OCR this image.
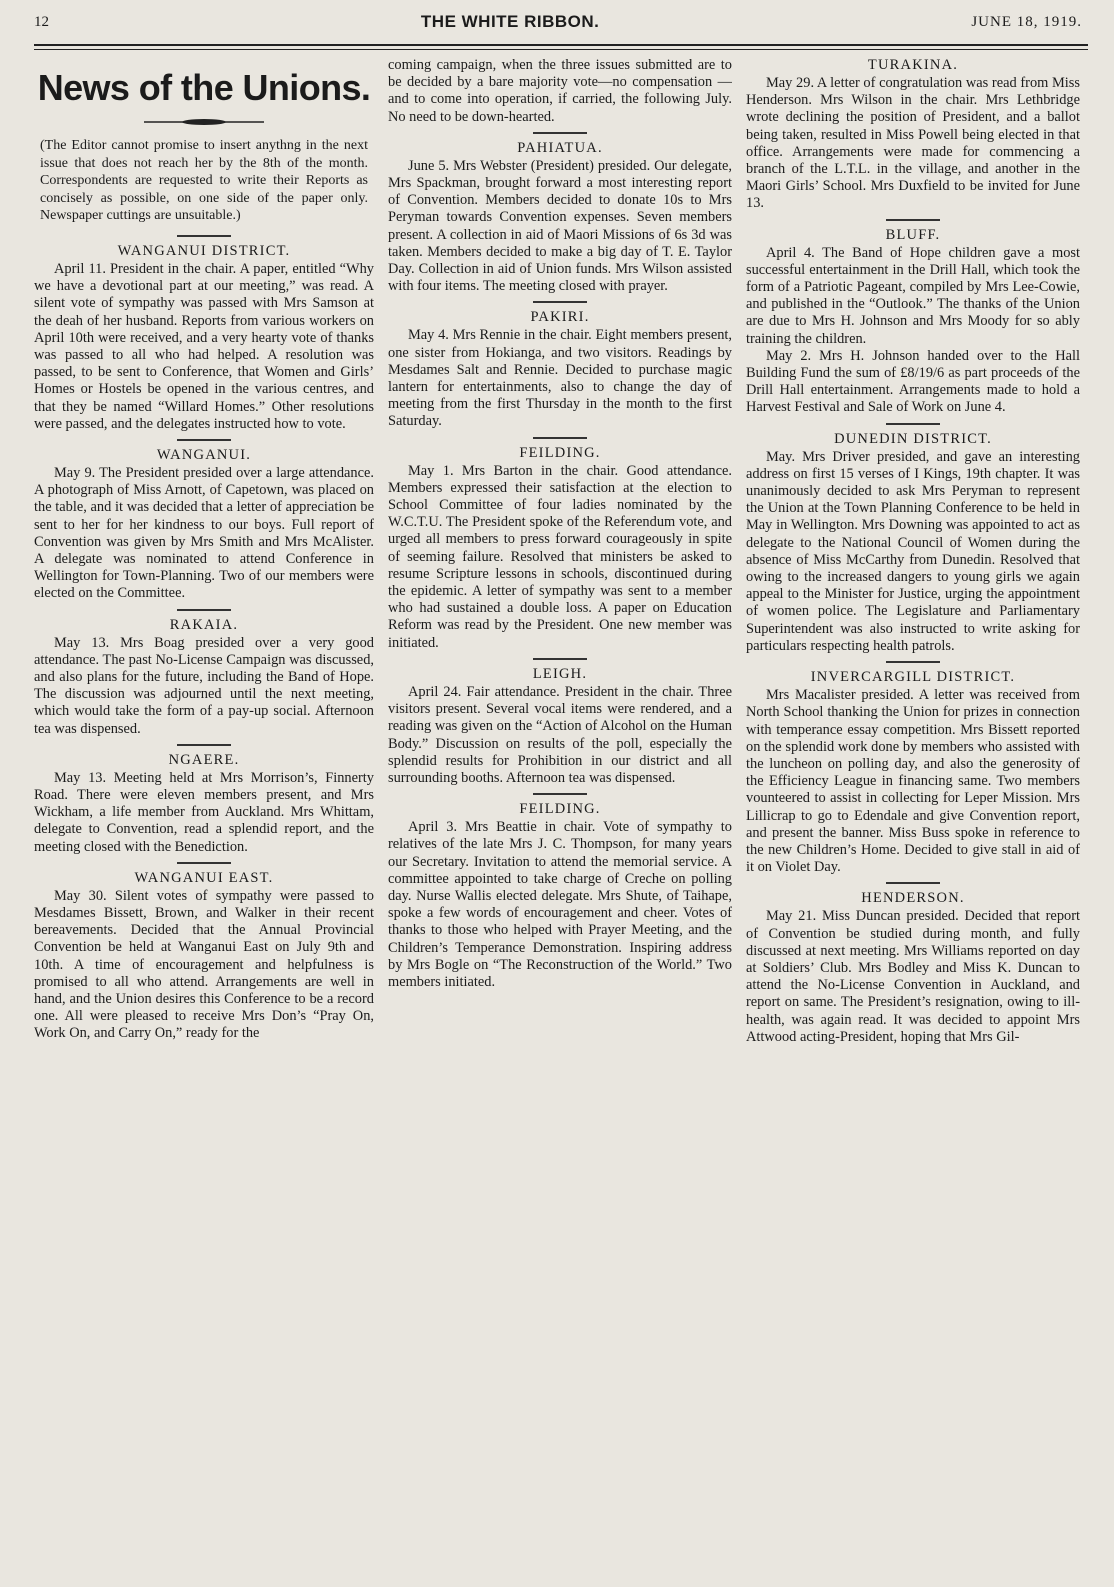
12	THE WHITE RIBBON.	JUNE 18, 1919.
News of the Unions.

(The Editor cannot promise to insert anythng in the next issue that does not reach her by the 8th of the month. Correspondents are requested to write their Reports as concisely as possible, on one side of the paper only. Newspaper cuttings are unsuitable.)

WANGANUI DISTRICT.

April 11. President in the chair. A paper, entitled “Why we have a devotional part at our meeting,” was read. A silent vote of sympathy was passed with Mrs Samson at the deah of her husband. Reports from various workers on April 10th were received, and a very hearty vote of thanks was passed to all who had helped. A resolution was passed, to be sent to Conference, that Women and Girls’ Homes or Hostels be opened in the various centres, and that they be named “Willard Homes.” Other resolutions were passed, and the delegates instructed how to vote.

WANGANUI.

May 9. The President presided over a large attendance. A photograph of Miss Arnott, of Capetown, was placed on the table, and it was decided that a letter of appreciation be sent to her for her kindness to our boys. Full report of Convention was given by Mrs Smith and Mrs McAlister. A delegate was nominated to attend Conference in Wellington for Town-Planning. Two of our members were elected on the Committee.

RAKAIA.

May 13. Mrs Boag presided over a very good attendance. The past No-License Campaign was discussed, and also plans for the future, including the Band of Hope. The discussion was adjourned until the next meeting, which would take the form of a pay-up social. Afternoon tea was dispensed.

NGAERE.

May 13. Meeting held at Mrs Morrison’s, Finnerty Road. There were eleven members present, and Mrs Wickham, a life member from Auckland. Mrs Whittam, delegate to Convention, read a splendid report, and the meeting closed with the Benediction.

WANGANUI EAST.

May 30. Silent votes of sympathy were passed to Mesdames Bissett, Brown, and Walker in their recent bereavements. Decided that the Annual Provincial Convention be held at Wanganui East on July 9th and 10th. A time of encouragement and helpfulness is promised to all who attend. Arrangements are well in hand, and the Union desires this Conference to be a record one. All were pleased to receive Mrs Don’s “Pray On, Work On, and Carry On,” ready for the

coming campaign, when the three issues submitted are to be decided by a bare majority vote—no compensation —and to come into operation, if carried, the following July. No need to be down-hearted.

PAHIATUA.

June 5. Mrs Webster (President) presided. Our delegate, Mrs Spackman, brought forward a most interesting report of Convention. Members decided to donate 10s to Mrs Peryman towards Convention expenses. Seven members present. A collection in aid of Maori Missions of 6s 3d was taken. Members decided to make a big day of T. E. Taylor Day. Collection in aid of Union funds. Mrs Wilson assisted with four items. The meeting closed with prayer.

PAKIRI.

May 4. Mrs Rennie in the chair. Eight members present, one sister from Hokianga, and two visitors. Readings by Mesdames Salt and Rennie. Decided to purchase magic lantern for entertainments, also to change the day of meeting from the first Thursday in the month to the first Saturday.

FEILDING.

May 1. Mrs Barton in the chair. Good attendance. Members expressed their satisfaction at the election to School Committee of four ladies nominated by the W.C.T.U. The President spoke of the Referendum vote, and urged all members to press forward courageously in spite of seeming failure. Resolved that ministers be asked to resume Scripture lessons in schools, discontinued during the epidemic. A letter of sympathy was sent to a member who had sustained a double loss. A paper on Education Reform was read by the President. One new member was initiated.

LEIGH.

April 24. Fair attendance. President in the chair. Three visitors present. Several vocal items were rendered, and a reading was given on the “Action of Alcohol on the Human Body.” Discussion on results of the poll, especially the splendid results for Prohibition in our district and all surrounding booths. Afternoon tea was dispensed.

FEILDING.

April 3. Mrs Beattie in chair. Vote of sympathy to relatives of the late Mrs J. C. Thompson, for many years our Secretary. Invitation to attend the memorial service. A committee appointed to take charge of Creche on polling day. Nurse Wallis elected delegate. Mrs Shute, of Taihape, spoke a few words of encouragement and cheer. Votes of thanks to those who helped with Prayer Meeting, and the Children’s Temperance Demonstration. Inspiring address by Mrs Bogle on “The Reconstruction of the World.” Two members initiated.

TURAKINA.

May 29. A letter of congratulation was read from Miss Henderson. Mrs Wilson in the chair. Mrs Lethbridge wrote declining the position of President, and a ballot being taken, resulted in Miss Powell being elected in that office. Arrangements were made for commencing a branch of the L.T.L. in the village, and another in the Maori Girls’ School. Mrs Duxfield to be invited for June 13.

BLUFF.

April 4. The Band of Hope children gave a most successful entertainment in the Drill Hall, which took the form of a Patriotic Pageant, compiled by Mrs Lee-Cowie, and published in the “Outlook.” The thanks of the Union are due to Mrs H. Johnson and Mrs Moody for so ably training the children.

May 2. Mrs H. Johnson handed over to the Hall Building Fund the sum of £8/19/6 as part proceeds of the Drill Hall entertainment. Arrangements made to hold a Harvest Festival and Sale of Work on June 4.

DUNEDIN DISTRICT.

May. Mrs Driver presided, and gave an interesting address on first 15 verses of I Kings, 19th chapter. It was unanimously decided to ask Mrs Peryman to represent the Union at the Town Planning Conference to be held in May in Wellington. Mrs Downing was appointed to act as delegate to the National Council of Women during the absence of Miss McCarthy from Dunedin. Resolved that owing to the increased dangers to young girls we again appeal to the Minister for Justice, urging the appointment of women police. The Legislature and Parliamentary Superintendent was also instructed to write asking for particulars respecting health patrols.

INVERCARGILL DISTRICT.

Mrs Macalister presided. A letter was received from North School thanking the Union for prizes in connection with temperance essay competition. Mrs Bissett reported on the splendid work done by members who assisted with the luncheon on polling day, and also the generosity of the Efficiency League in financing same. Two members vounteered to assist in collecting for Leper Mission. Mrs Lillicrap to go to Edendale and give Convention report, and present the banner. Miss Buss spoke in reference to the new Children’s Home. Decided to give stall in aid of it on Violet Day.

HENDERSON.

May 21. Miss Duncan presided. Decided that report of Convention be studied during month, and fully discussed at next meeting. Mrs Williams reported on day at Soldiers’ Club. Mrs Bodley and Miss K. Duncan to attend the No-License Convention in Auckland, and report on same. The President’s resignation, owing to ill-health, was again read. It was decided to appoint Mrs Attwood acting-President, hoping that Mrs Gil-
